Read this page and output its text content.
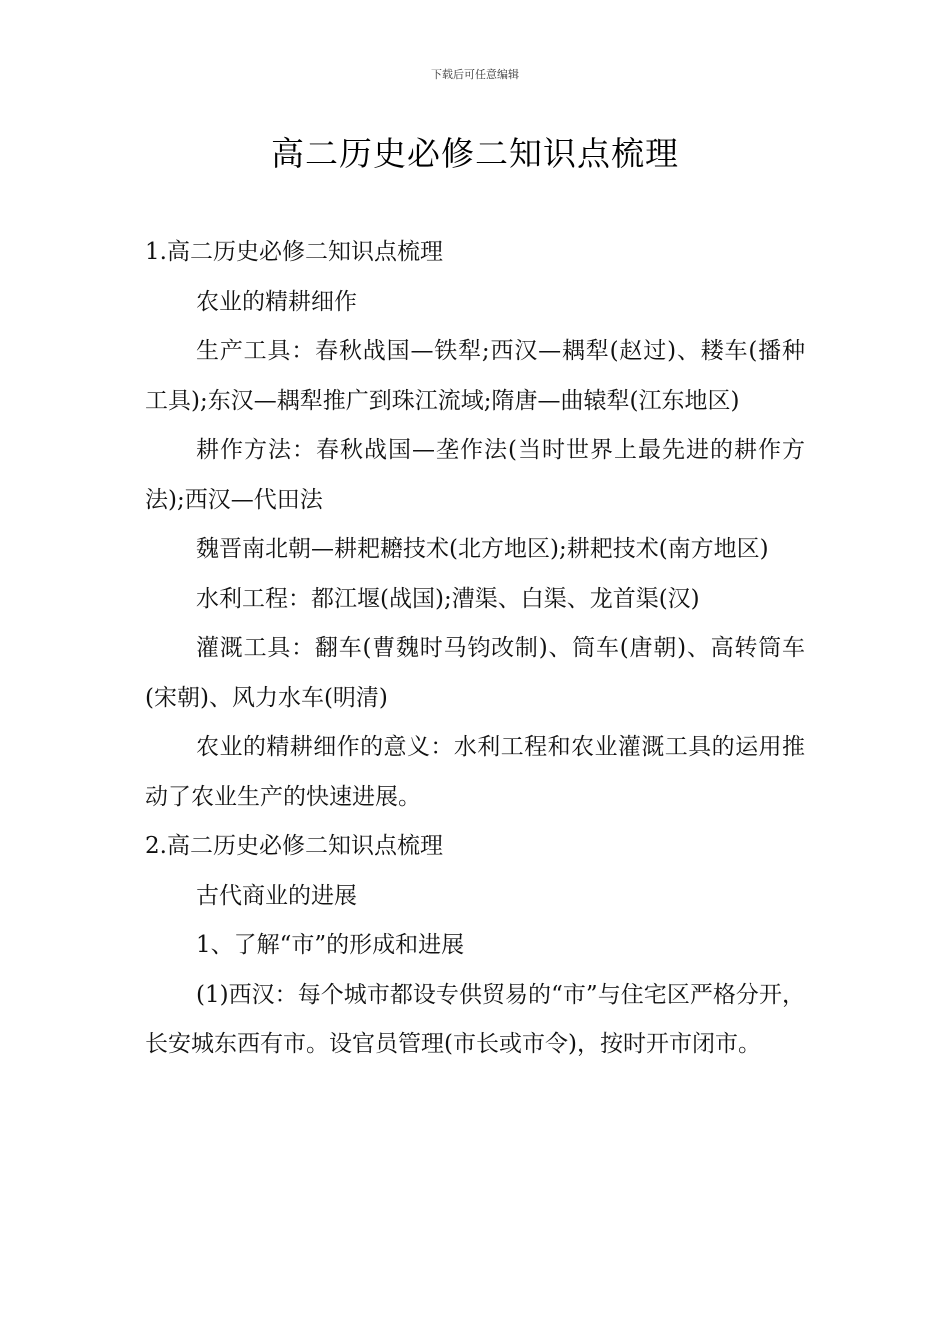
下载后可任意编辑
高二历史必修二知识点梳理

1.高二历史必修二知识点梳理

农业的精耕细作

生产工具：春秋战国—铁犁;西汉—耦犁(赵过)、耧车(播种工具);东汉—耦犁推广到珠江流域;隋唐—曲辕犁(江东地区)

耕作方法：春秋战国—垄作法(当时世界上最先进的耕作方法);西汉—代田法

魏晋南北朝—耕耙耱技术(北方地区);耕耙技术(南方地区)

水利工程：都江堰(战国);漕渠、白渠、龙首渠(汉)

灌溉工具：翻车(曹魏时马钧改制)、筒车(唐朝)、高转筒车(宋朝)、风力水车(明清)

农业的精耕细作的意义：水利工程和农业灌溉工具的运用推动了农业生产的快速进展。

2.高二历史必修二知识点梳理

古代商业的进展

1、了解“市”的形成和进展

(1)西汉：每个城市都设专供贸易的“市”与住宅区严格分开，长安城东西有市。设官员管理(市长或市令)，按时开市闭市。
